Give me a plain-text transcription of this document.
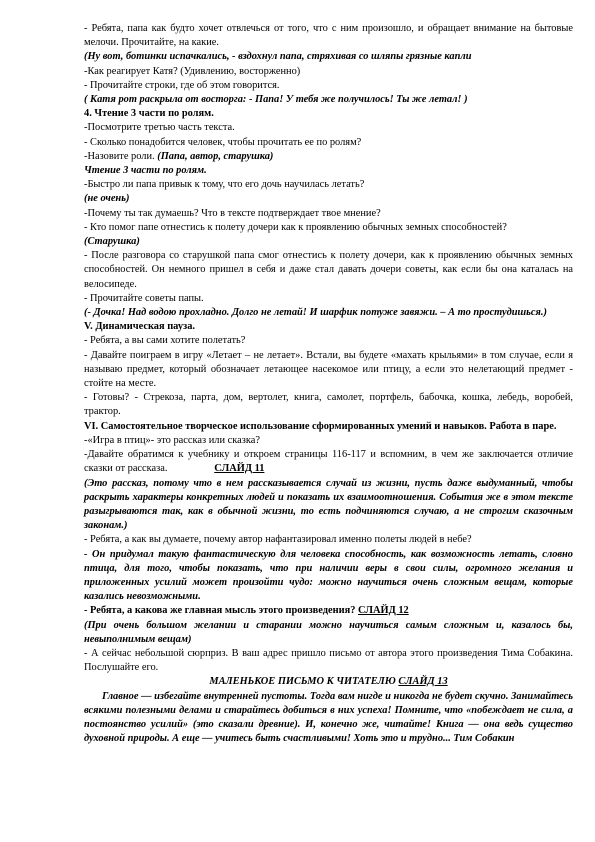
- Ребята, папа как будто хочет отвлечься от того, что с ним произошло, и обращает внимание на бытовые мелочи. Прочитайте, на какие.

(Ну вот, ботинки испачкались, - вздохнул папа, стряхивая со шляпы грязные капли

-Как реагирует Катя? (Удивлению, восторженно)

- Прочитайте строки, где об этом говорится.

( Катя рот раскрыла от восторга: - Папа! У тебя же получилось! Ты же летал! )

4. Чтение 3 части по ролям.

-Посмотрите третью часть текста.

- Сколько понадобится человек, чтобы прочитать ее по ролям?

-Назовите роли. (Папа, автор, старушка)

Чтение 3 части по ролям.

-Быстро ли папа привык к тому, что его дочь научилась летать?

(не очень)

-Почему ты так думаешь? Что в тексте подтверждает твое мнение?

- Кто помог папе отнестись к полету дочери как к проявлению обычных земных способностей?

(Старушка)

- После разговора со старушкой папа смог отнестись к полету дочери, как к проявлению обычных земных способностей. Он немного пришел в себя и даже стал давать дочери советы, как если бы она каталась на велосипеде.

- Прочитайте советы папы.

(- Дочка! Над водою прохладно. Долго не летай! И шарфик потуже завяжи. – А то простудишься.)

V. Динамическая пауза.

- Ребята, а вы сами хотите полетать?

- Давайте поиграем в игру «Летает – не летает». Встали, вы будете «махать крыльями» в том случае, если я называю предмет, который обозначает летающее насекомое или птицу, а если это нелетающий предмет - стойте на месте.

- Готовы? - Стрекоза, парта, дом, вертолет, книга, самолет, портфель, бабочка, кошка, лебедь, воробей, трактор.

VI. Самостоятельное творческое использование сформированных умений и навыков. Работа в паре.

-«Игра в птиц»- это рассказ или сказка?

-Давайте обратимся к учебнику и откроем страницы 116-117 и вспомним, в чем же заключается отличие сказки от рассказа.	СЛАЙД 11

(Это рассказ, потому что в нем рассказывается случай из жизни, пусть даже выдуманный, чтобы раскрыть характеры конкретных людей и показать их взаимоотношения. События же в этом тексте разыгрываются так, как в обычной жизни, то есть подчиняются случаю, а не строгим сказочным законам.)

- Ребята, а как вы думаете, почему автор нафантазировал именно полеты людей в небе?

- Он придумал такую фантастическую для человека способность, как возможность летать, словно птица, для того, чтобы показать, что при наличии веры в свои силы, огромного желания и приложенных усилий может произойти чудо: можно научиться очень сложным вещам, которые казались невозможными.

- Ребята, а какова же главная мысль этого произведения? СЛАЙД 12

(При очень большом желании и старании можно научиться самым сложным и, казалось бы, невыполнимым вещам)

- А сейчас небольшой сюрприз. В ваш адрес пришло письмо от автора этого произведения Тима Собакина. Послушайте его.

МАЛЕНЬКОЕ ПИСЬМО К ЧИТАТЕЛЮ СЛАЙД 13

Главное — избегайте внутренней пустоты. Тогда вам нигде и никогда не будет скучно. Занимайтесь всякими полезными делами и старайтесь добиться в них успеха! Помните, что «побеждает не сила, а постоянство усилий» (это сказали древние). И, конечно же, читайте! Книга — она ведь существо духовной природы. А еще — учитесь быть счастливыми! Хоть это и трудно... Тим Собакин
